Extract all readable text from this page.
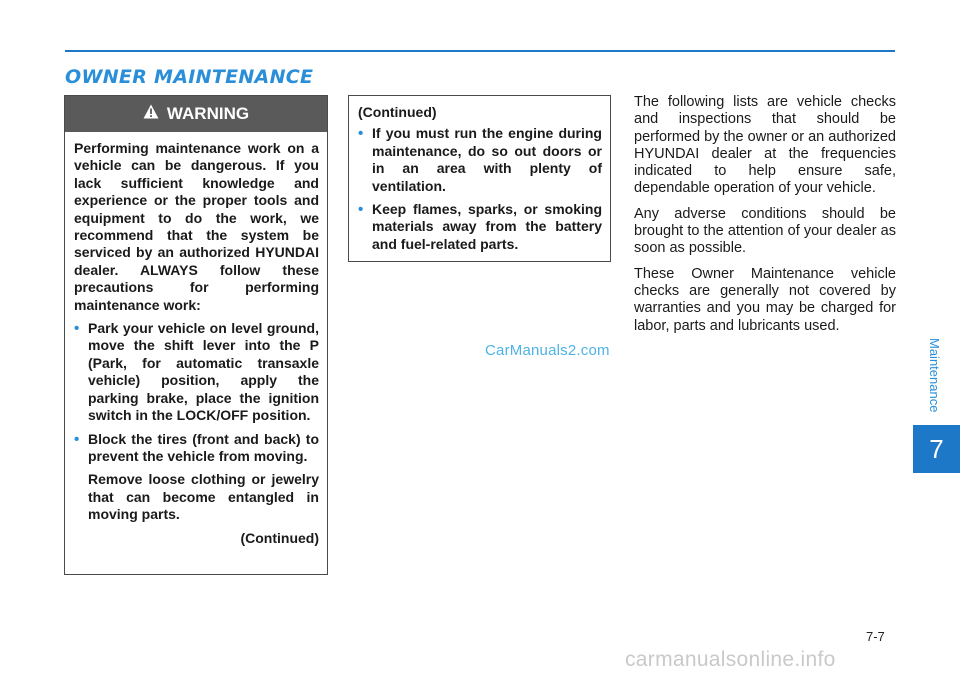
OWNER MAINTENANCE
WARNING

Performing maintenance work on a vehicle can be dangerous. If you lack sufficient knowledge and experience or the proper tools and equipment to do the work, we recommend that the system be serviced by an authorized HYUNDAI dealer. ALWAYS follow these precautions for performing maintenance work:

• Park your vehicle on level ground, move the shift lever into the P (Park, for automatic transaxle vehicle) position, apply the parking brake, place the ignition switch in the LOCK/OFF position.
• Block the tires (front and back) to prevent the vehicle from moving.

Remove loose clothing or jewelry that can become entangled in moving parts.

(Continued)

(Continued)

• If you must run the engine during maintenance, do so out doors or in an area with plenty of ventilation.
• Keep flames, sparks, or smoking materials away from the battery and fuel-related parts.

The following lists are vehicle checks and inspections that should be performed by the owner or an authorized HYUNDAI dealer at the frequencies indicated to help ensure safe, dependable operation of your vehicle.

Any adverse conditions should be brought to the attention of your dealer as soon as possible.

These Owner Maintenance vehicle checks are generally not covered by warranties and you may be charged for labor, parts and lubricants used.

CarManuals2.com	Maintenance
7
7-7
carmanualsonline.info
